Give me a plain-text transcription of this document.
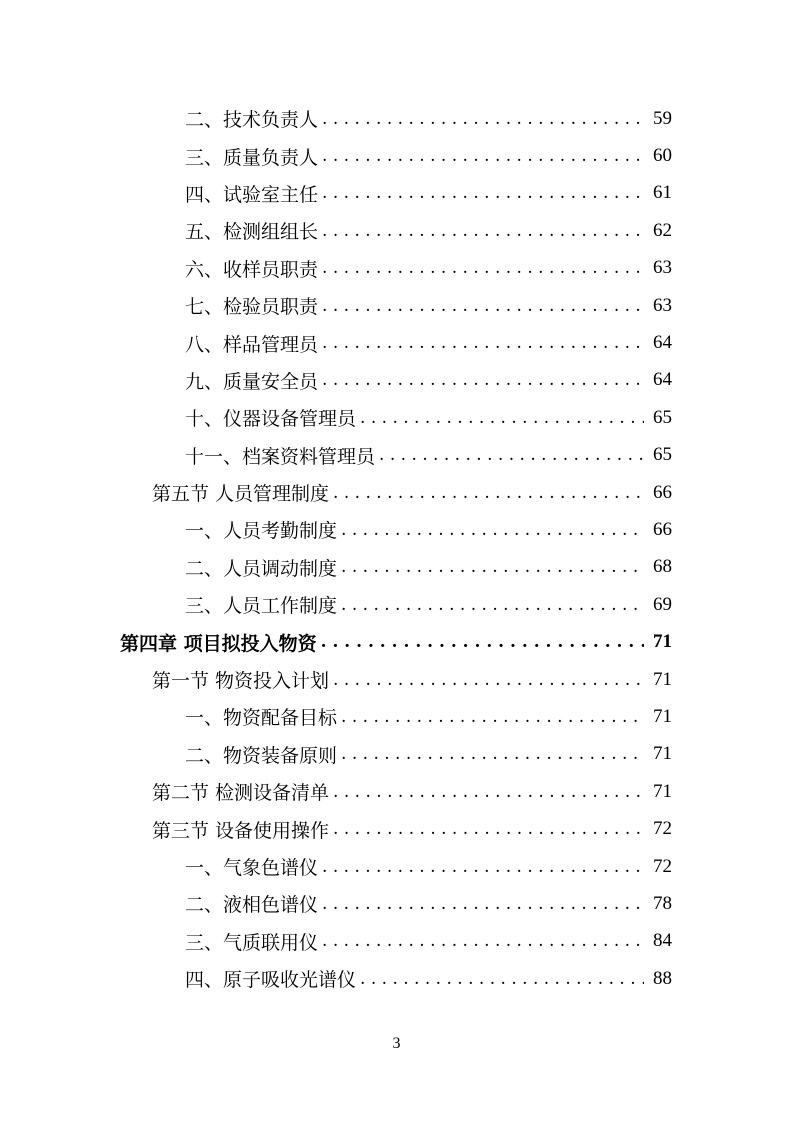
二、技术负责人 . . .	59
三、质量负责人 . . .	60
四、试验室主任 . . .	61
五、检测组组长 . . .	62
六、收样员职责 . . .	63
七、检验员职责 . . .	63
八、样品管理员 . . .	64
九、质量安全员 . . .	64
十、仪器设备管理员 . . .	65
十一、档案资料管理员 . . .	65
第五节 人员管理制度 . . .	66
一、人员考勤制度 . . .	66
二、人员调动制度 . . .	68
三、人员工作制度 . . .	69
第四章 项目拟投入物资 . . .	71
第一节 物资投入计划 . . .	71
一、物资配备目标 . . .	71
二、物资装备原则 . . .	71
第二节 检测设备清单 . . .	71
第三节 设备使用操作 . . .	72
一、气象色谱仪 . . .	72
二、液相色谱仪 . . .	78
三、气质联用仪 . . .	84
四、原子吸收光谱仪 . . .	88
3
